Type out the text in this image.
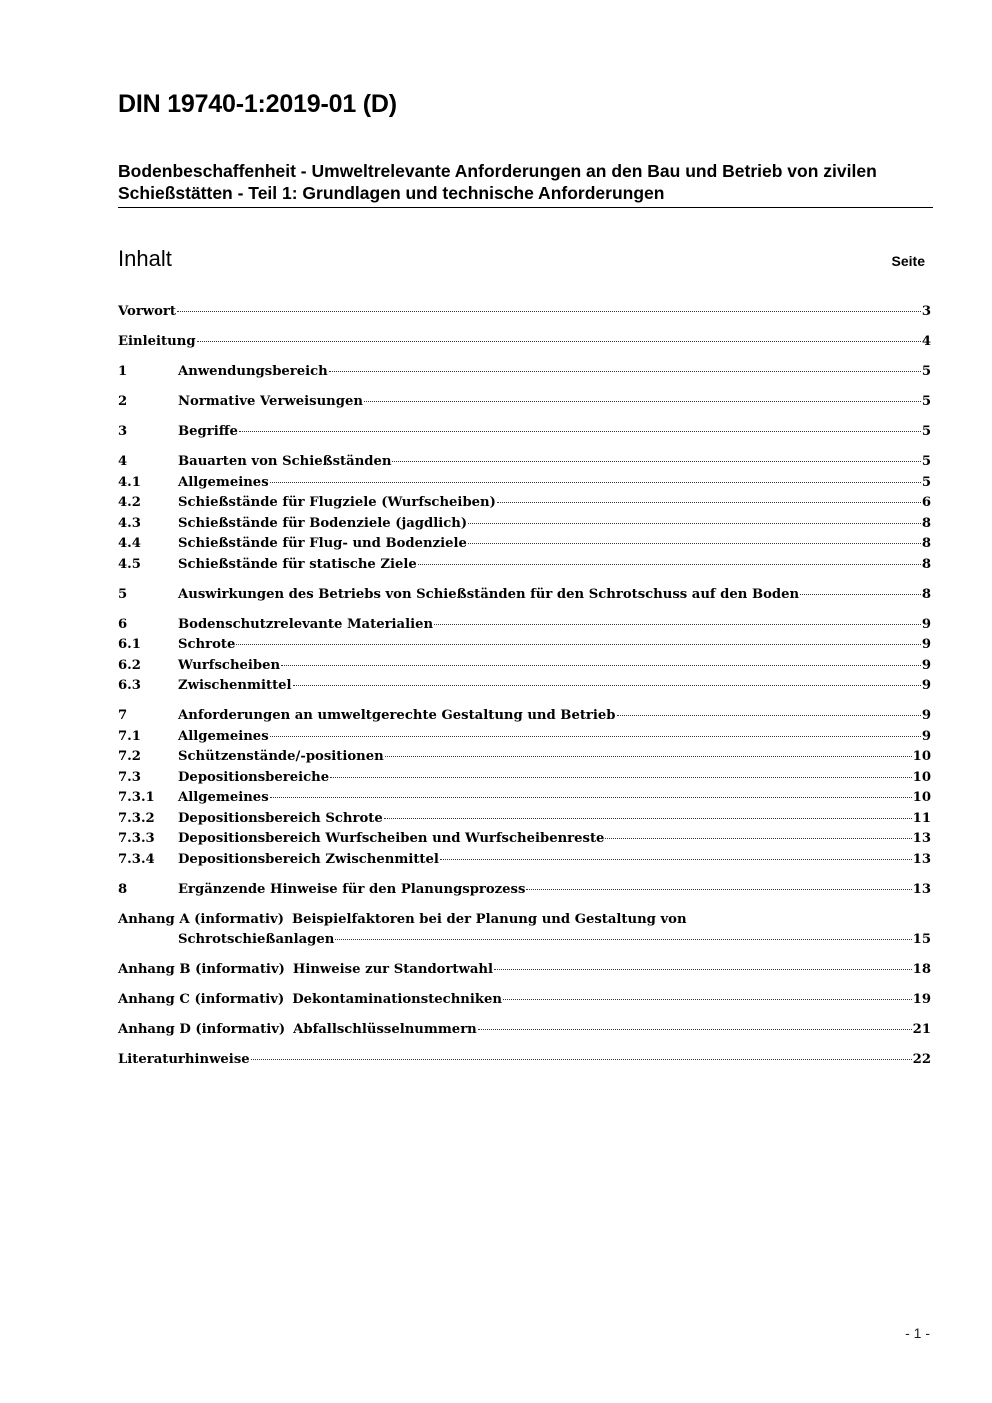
DIN 19740-1:2019-01 (D)
Bodenbeschaffenheit - Umweltrelevante Anforderungen an den Bau und Betrieb von zivilen Schießstätten - Teil 1: Grundlagen und technische Anforderungen
Inhalt	Seite
Vorwort	3
Einleitung	4
1	Anwendungsbereich	5
2	Normative Verweisungen	5
3	Begriffe	5
4	Bauarten von Schießständen	5
4.1	Allgemeines	5
4.2	Schießstände für Flugziele (Wurfscheiben)	6
4.3	Schießstände für Bodenziele (jagdlich)	8
4.4	Schießstände für Flug- und Bodenziele	8
4.5	Schießstände für statische Ziele	8
5	Auswirkungen des Betriebs von Schießständen für den Schrotschuss auf den Boden	8
6	Bodenschutzrelevante Materialien	9
6.1	Schrote	9
6.2	Wurfscheiben	9
6.3	Zwischenmittel	9
7	Anforderungen an umweltgerechte Gestaltung und Betrieb	9
7.1	Allgemeines	9
7.2	Schützenstände/-positionen	10
7.3	Depositionsbereiche	10
7.3.1	Allgemeines	10
7.3.2	Depositionsbereich Schrote	11
7.3.3	Depositionsbereich Wurfscheiben und Wurfscheibenreste	13
7.3.4	Depositionsbereich Zwischenmittel	13
8	Ergänzende Hinweise für den Planungsprozess	13
Anhang A (informativ) Beispielfaktoren bei der Planung und Gestaltung von
Schrotschießanlagen	15
Anhang B (informativ) Hinweise zur Standortwahl	18
Anhang C (informativ) Dekontaminationstechniken	19
Anhang D (informativ) Abfallschlüsselnummern	21
Literaturhinweise	22
- 1 -
